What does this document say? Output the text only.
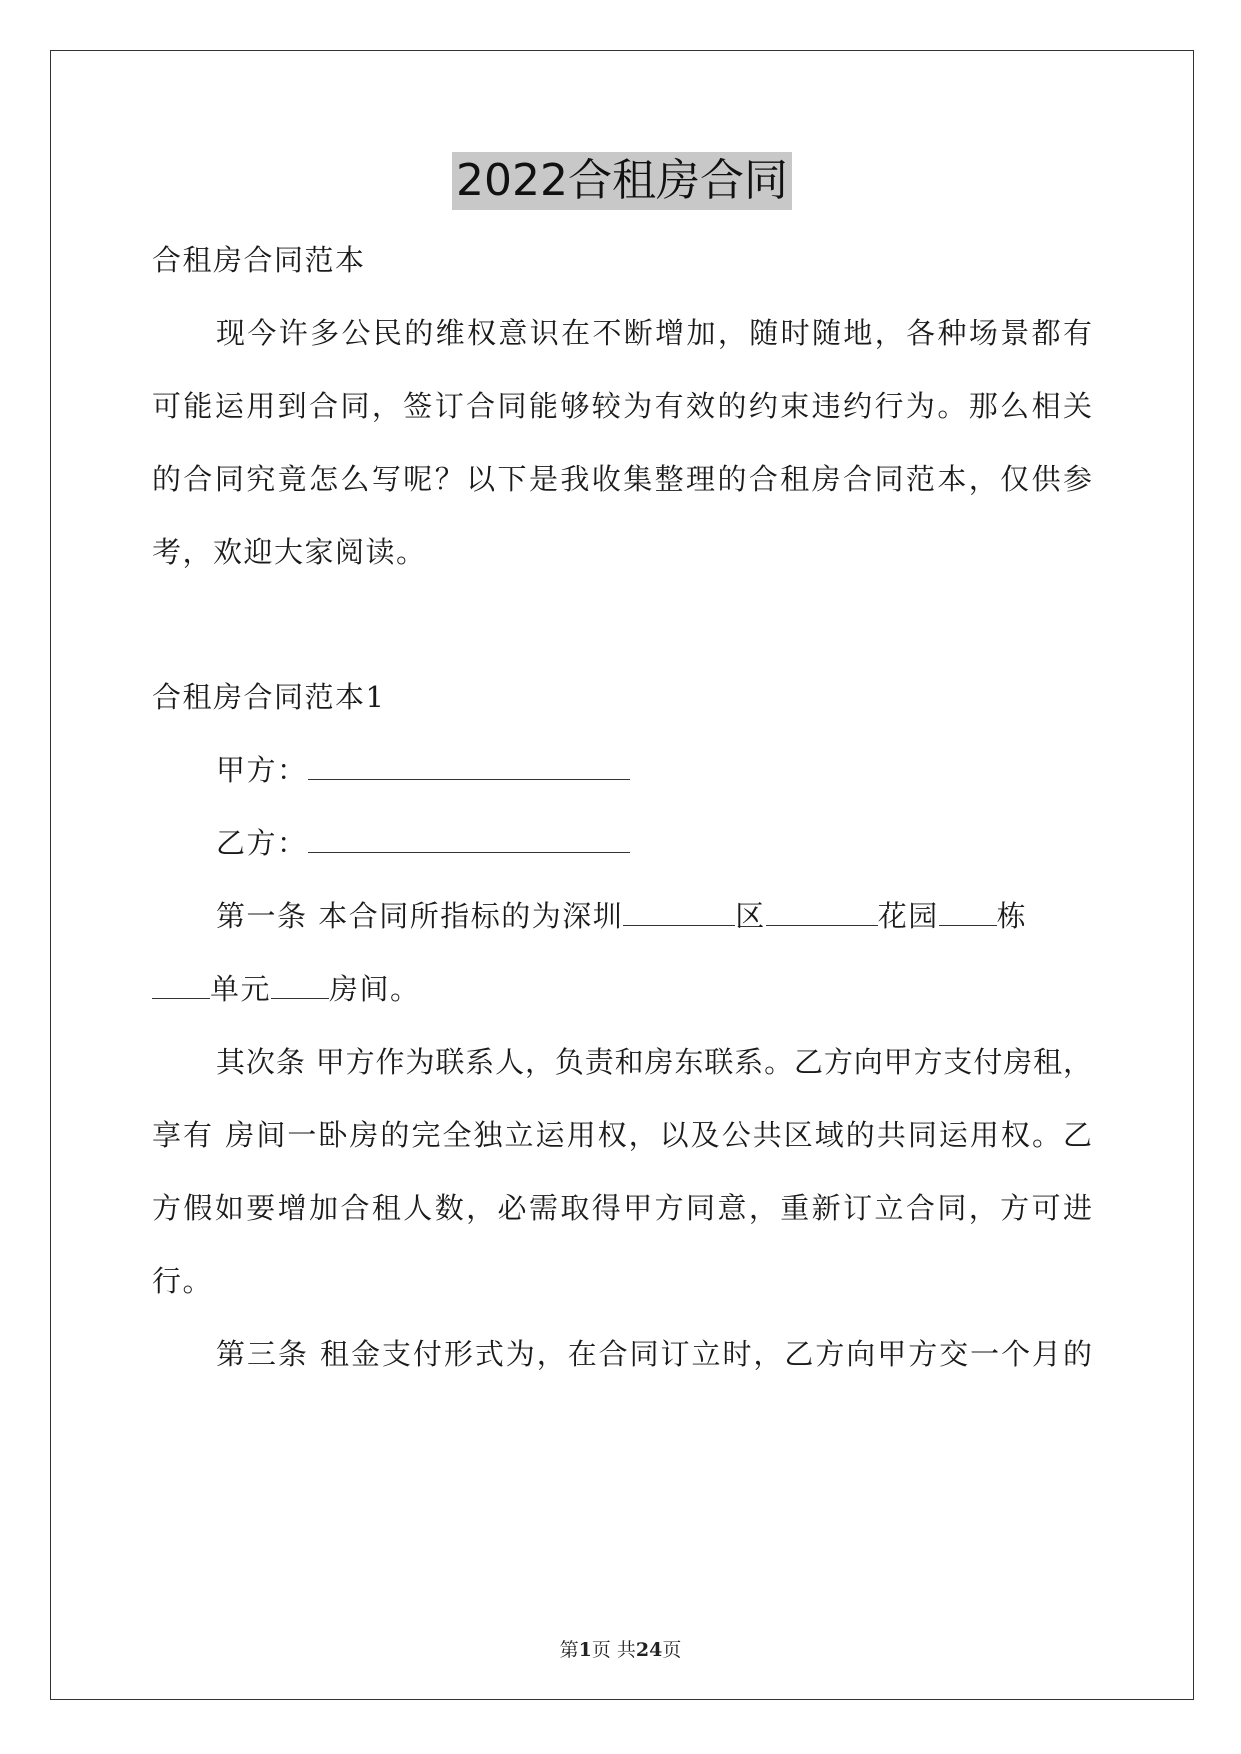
2022合租房合同
合租房合同范本
现今许多公民的维权意识在不断增加，随时随地，各种场景都有
可能运用到合同，签订合同能够较为有效的约束违约行为。那么相关
的合同究竟怎么写呢？以下是我收集整理的合租房合同范本，仅供参
考，欢迎大家阅读。
合租房合同范本1
甲方：
乙方：
第一条 本合同所指标的为深圳	区	花园 栋
单元 房间。
其次条 甲方作为联系人，负责和房东联系。乙方向甲方支付房租，
享有 房间一卧房的完全独立运用权，以及公共区域的共同运用权。乙
方假如要增加合租人数，必需取得甲方同意，重新订立合同，方可进
行。
第三条 租金支付形式为，在合同订立时，乙方向甲方交一个月的
第1页 共24页
